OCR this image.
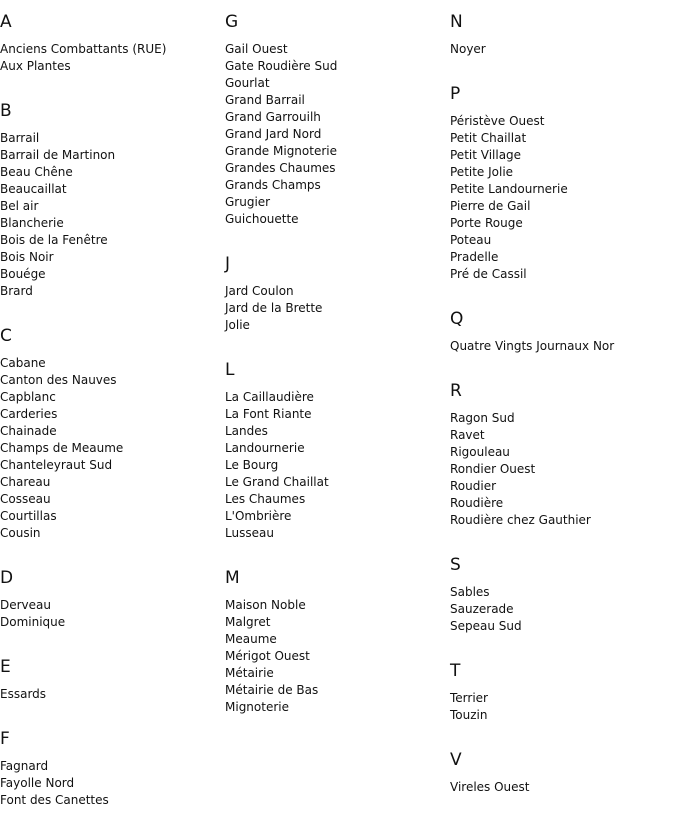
A
Anciens Combattants (RUE)
Aux Plantes
B
Barrail
Barrail de Martinon
Beau Chêne
Beaucaillat
Bel air
Blancherie
Bois de la Fenêtre
Bois Noir
Bouége
Brard
C
Cabane
Canton des Nauves
Capblanc
Carderies
Chainade
Champs de Meaume
Chanteleyraut Sud
Chareau
Cosseau
Courtillas
Cousin
D
Derveau
Dominique
E
Essards
F
Fagnard
Fayolle Nord
Font des Canettes
G
Gail Ouest
Gate Roudière Sud
Gourlat
Grand Barrail
Grand Garrouilh
Grand Jard Nord
Grande Mignoterie
Grandes Chaumes
Grands Champs
Grugier
Guichouette
J
Jard Coulon
Jard de la Brette
Jolie
L
La Caillaudière
La Font Riante
Landes
Landournerie
Le Bourg
Le Grand Chaillat
Les Chaumes
L'Ombrière
Lusseau
M
Maison Noble
Malgret
Meaume
Mérigot Ouest
Métairie
Métairie de Bas
Mignoterie
N
Noyer
P
Péristève Ouest
Petit Chaillat
Petit Village
Petite Jolie
Petite Landournerie
Pierre de Gail
Porte Rouge
Poteau
Pradelle
Pré de Cassil
Q
Quatre Vingts Journaux Nor
R
Ragon Sud
Ravet
Rigouleau
Rondier Ouest
Roudier
Roudière
Roudière chez Gauthier
S
Sables
Sauzerade
Sepeau Sud
T
Terrier
Touzin
V
Vireles Ouest
